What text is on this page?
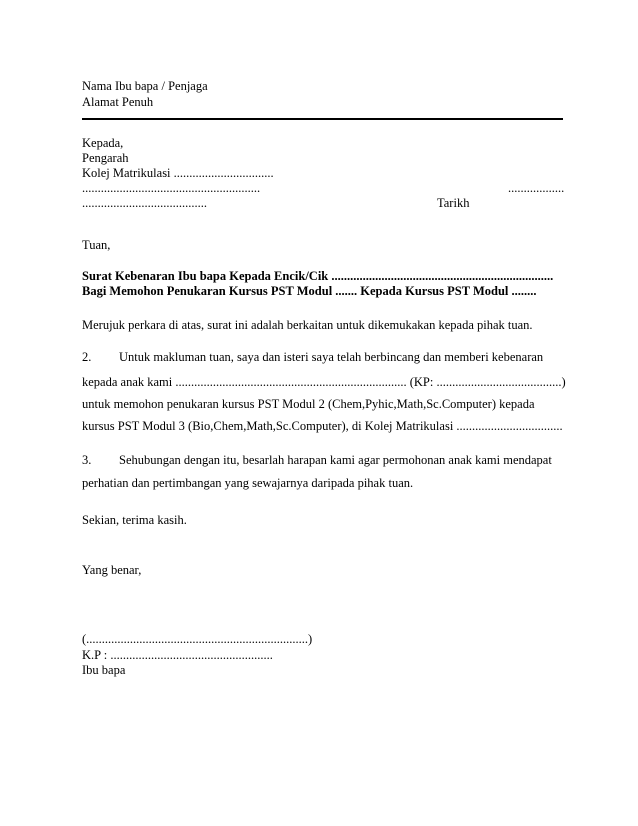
Nama Ibu bapa / Penjaga
Alamat Penuh
Kepada,
Pengarah
Kolej Matrikulasi ................................
.........................................................	..................
........................................	Tarikh
Tuan,
Surat Kebenaran Ibu bapa Kepada Encik/Cik .......................................................................
Bagi Memohon Penukaran Kursus PST Modul ....... Kepada Kursus PST Modul ........
Merujuk perkara di atas, surat ini adalah berkaitan untuk dikemukakan kepada pihak tuan.
2. Untuk makluman tuan, saya dan isteri saya telah berbincang dan memberi kebenaran
kepada anak kami .......................................................................... (KP: ........................................)
untuk memohon penukaran kursus PST Modul 2 (Chem,Pyhic,Math,Sc.Computer) kepada
kursus PST Modul 3 (Bio,Chem,Math,Sc.Computer), di Kolej Matrikulasi ..................................
3. Sehubungan dengan itu, besarlah harapan kami agar permohonan anak kami mendapat
perhatian dan pertimbangan yang sewajarnya daripada pihak tuan.
Sekian, terima kasih.
Yang benar,
(.......................................................................)
K.P : ....................................................
Ibu bapa
